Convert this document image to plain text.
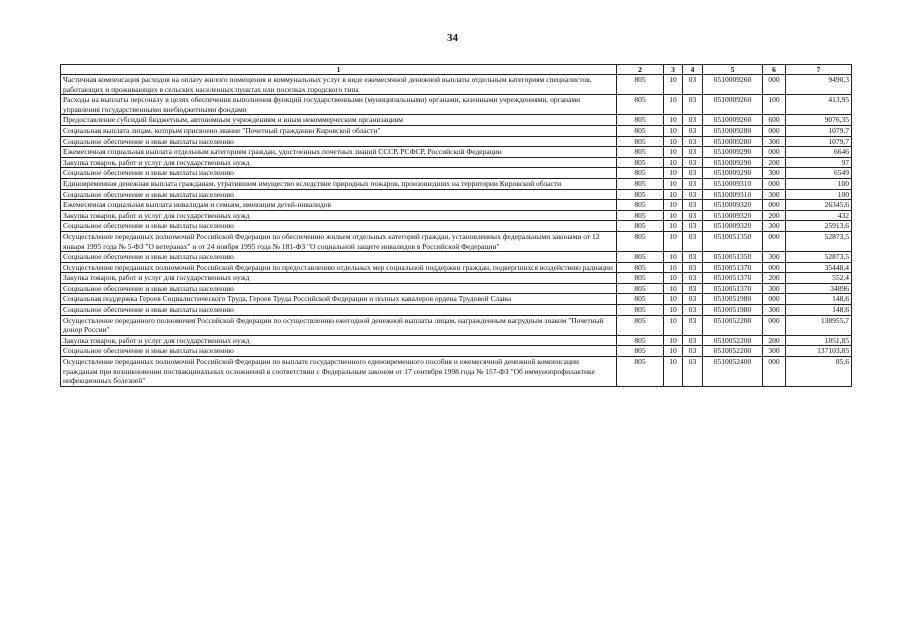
34
1	2	3	4	5	6	7
Частичная компенсация расходов на оплату жилого помещения и коммунальных услуг в виде ежемесячной денежной выплаты отдельным категориям специалистов, работающих и проживающих в сельских населенных пунктах или поселках городского типа	805	10	03	0510009260	000	9490,3
Расходы на выплаты персоналу в целях обеспечения выполнения функций государственными (муниципальными) органами, казенными учреждениями, органами управления государственными внебюджетными фондами	805	10	03	0510009260	100	413,95
Предоставление субсидий бюджетным, автономным учреждениям и иным некоммерческим организациям	805	10	03	0510009260	600	9076,35
Социальная выплата лицам, которым присвоено звание "Почетный гражданин Кировской области"	805	10	03	0510009280	000	1079,7
Социальное обеспечение и иные выплаты населению	805	10	03	0510009280	300	1079,7
Ежемесячная социальная выплата отдельным категориям граждан, удостоенных почетных званий СССР, РСФСР, Российской Федерации	805	10	03	0510009290	000	6646
Закупка товаров, работ и услуг для государственных нужд	805	10	03	0510009290	200	97
Социальное обеспечение и иные выплаты населению	805	10	03	0510009290	300	6549
Единовременная денежная выплата гражданам, утратившим имущество вследствие природных пожаров, произошедших на территории Кировской области	805	10	03	0510009310	000	100
Социальное обеспечение и иные выплаты населению	805	10	03	0510009310	300	100
Ежемесячная социальная выплата инвалидам и семьям, имеющим детей-инвалидов	805	10	03	0510009320	000	26345,6
Закупка товаров, работ и услуг для государственных нужд	805	10	03	0510009320	200	432
Социальное обеспечение и иные выплаты населению	805	10	03	0510009320	300	25913,6
Осуществление переданных полномочий Российской Федерации по обеспечению жильем отдельных категорий граждан, установленных федеральными законами от 12 января 1995 года № 5-ФЗ "О ветеранах" и от 24 ноября 1995 года № 181-ФЗ "О социальной защите инвалидов в Российской Федерации"	805	10	03	0510051350	000	52873,5
Социальное обеспечение и иные выплаты населению	805	10	03	0510051350	300	52873,5
Осуществление переданных полномочий Российской Федерации по предоставлению отдельных мер социальной поддержки граждан, подвергшихся воздействию радиации	805	10	03	0510051370	000	35448,4
Закупка товаров, работ и услуг для государственных нужд	805	10	03	0510051370	200	552,4
Социальное обеспечение и иные выплаты населению	805	10	03	0510051370	300	34896
Социальная поддержка Героев Социалистического Труда, Героев Труда Российской Федерации и полных кавалеров ордена Трудовой Славы	805	10	03	0510051980	000	148,6
Социальное обеспечение и иные выплаты населению	805	10	03	0510051980	300	148,6
Осуществление переданного полномочия Российской Федерации по осуществлению ежегодной денежной выплаты лицам, награжденным нагрудным знаком "Почетный донор России"	805	10	03	0510052200	000	138955,7
Закупка товаров, работ и услуг для государственных нужд	805	10	03	0510052200	200	1851,85
Социальное обеспечение и иные выплаты населению	805	10	03	0510052200	300	137103,85
Осуществление переданных полномочий Российской Федерации по выплате государственного единовременного пособия и ежемесячной денежной компенсации гражданам при возникновении поствакцинальных осложнений в соответствии с Федеральным законом от 17 сентября 1998 года № 157-ФЗ "Об иммунопрофилактике инфекционных болезней"	805	10	03	0510052400	000	85,6
